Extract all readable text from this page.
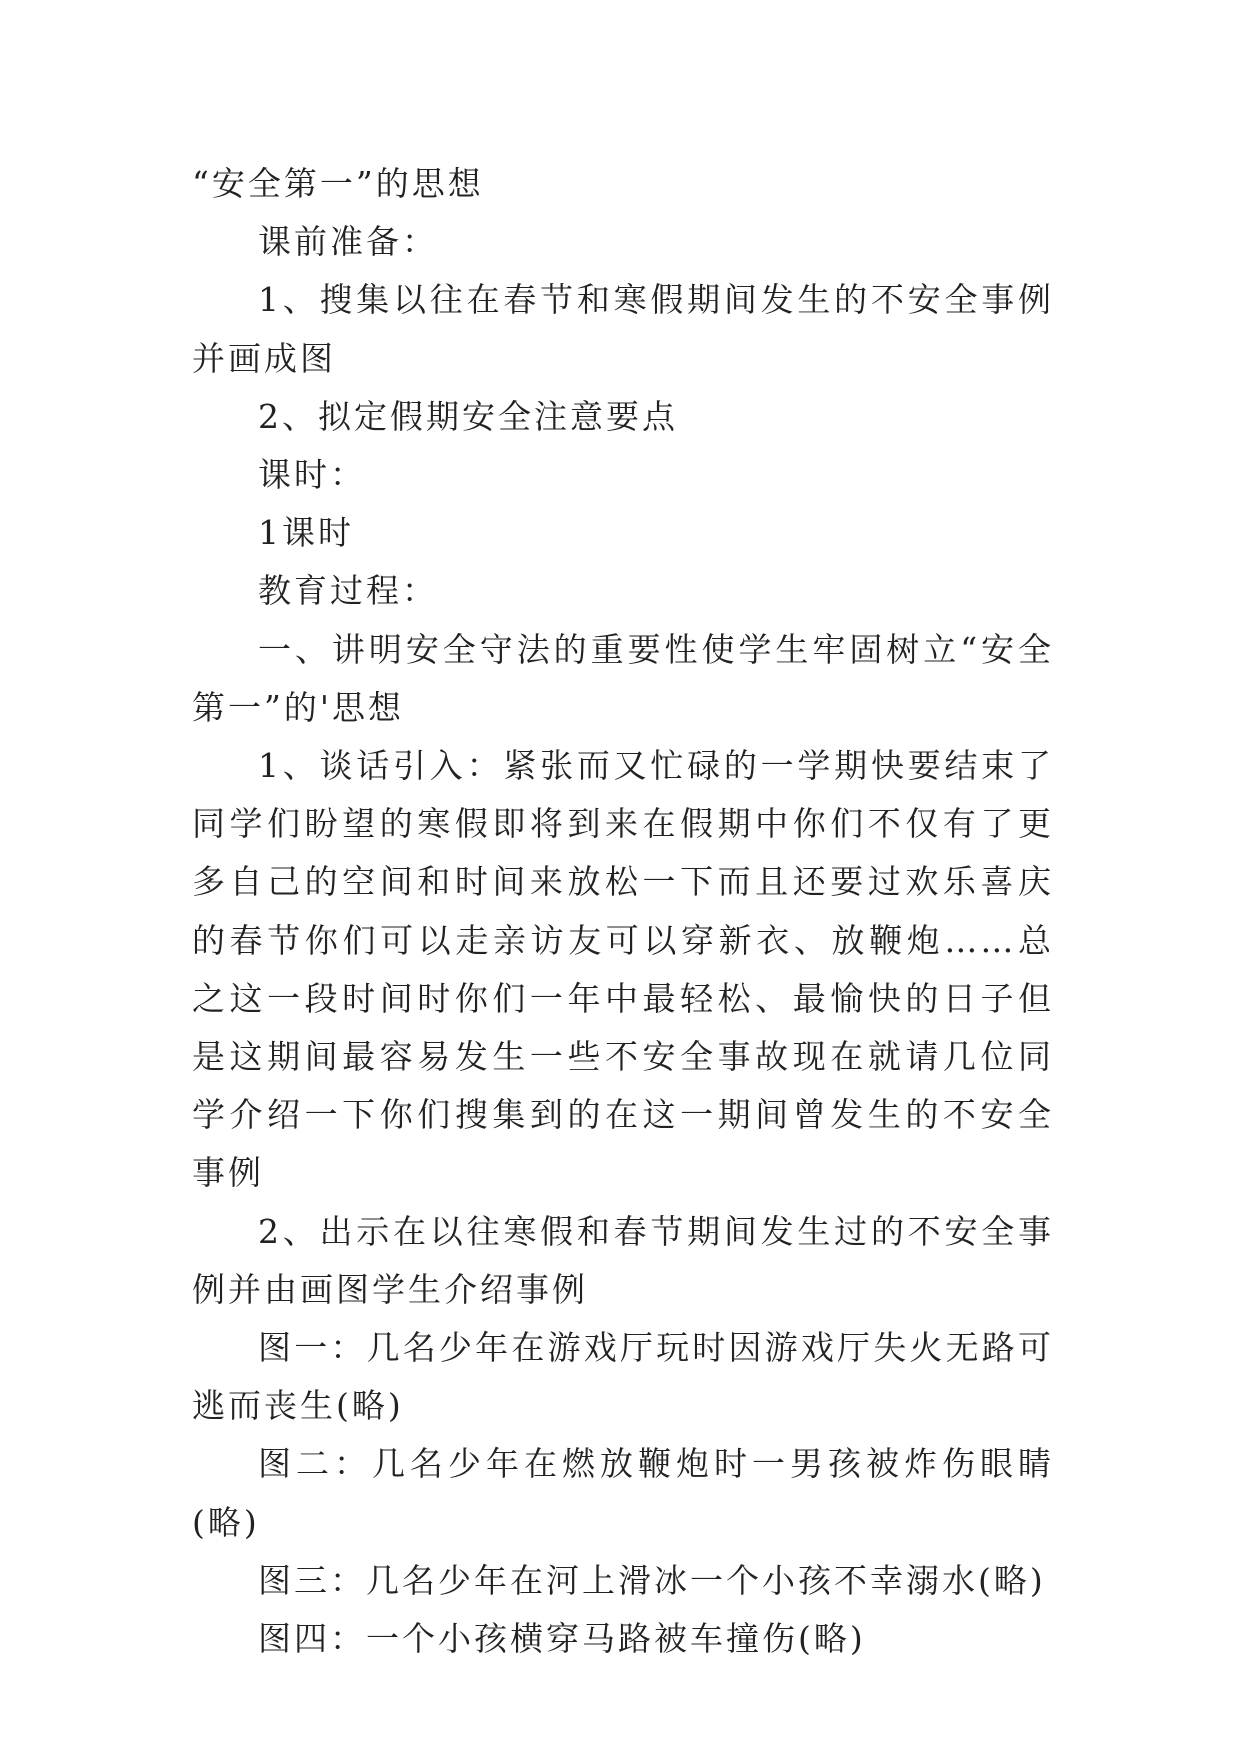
“安全第一”的思想

课前准备：

1、搜集以往在春节和寒假期间发生的不安全事例并画成图

2、拟定假期安全注意要点

课时：

1课时

教育过程：

一、讲明安全守法的重要性使学生牢固树立“安全第一”的'思想

1、谈话引入：紧张而又忙碌的一学期快要结束了同学们盼望的寒假即将到来在假期中你们不仅有了更多自己的空间和时间来放松一下而且还要过欢乐喜庆的春节你们可以走亲访友可以穿新衣、放鞭炮……总之这一段时间时你们一年中最轻松、最愉快的日子但是这期间最容易发生一些不安全事故现在就请几位同学介绍一下你们搜集到的在这一期间曾发生的不安全事例

2、出示在以往寒假和春节期间发生过的不安全事例并由画图学生介绍事例

图一：几名少年在游戏厅玩时因游戏厅失火无路可逃而丧生(略)

图二：几名少年在燃放鞭炮时一男孩被炸伤眼睛(略)

图三：几名少年在河上滑冰一个小孩不幸溺水(略)

图四：一个小孩横穿马路被车撞伤(略)
